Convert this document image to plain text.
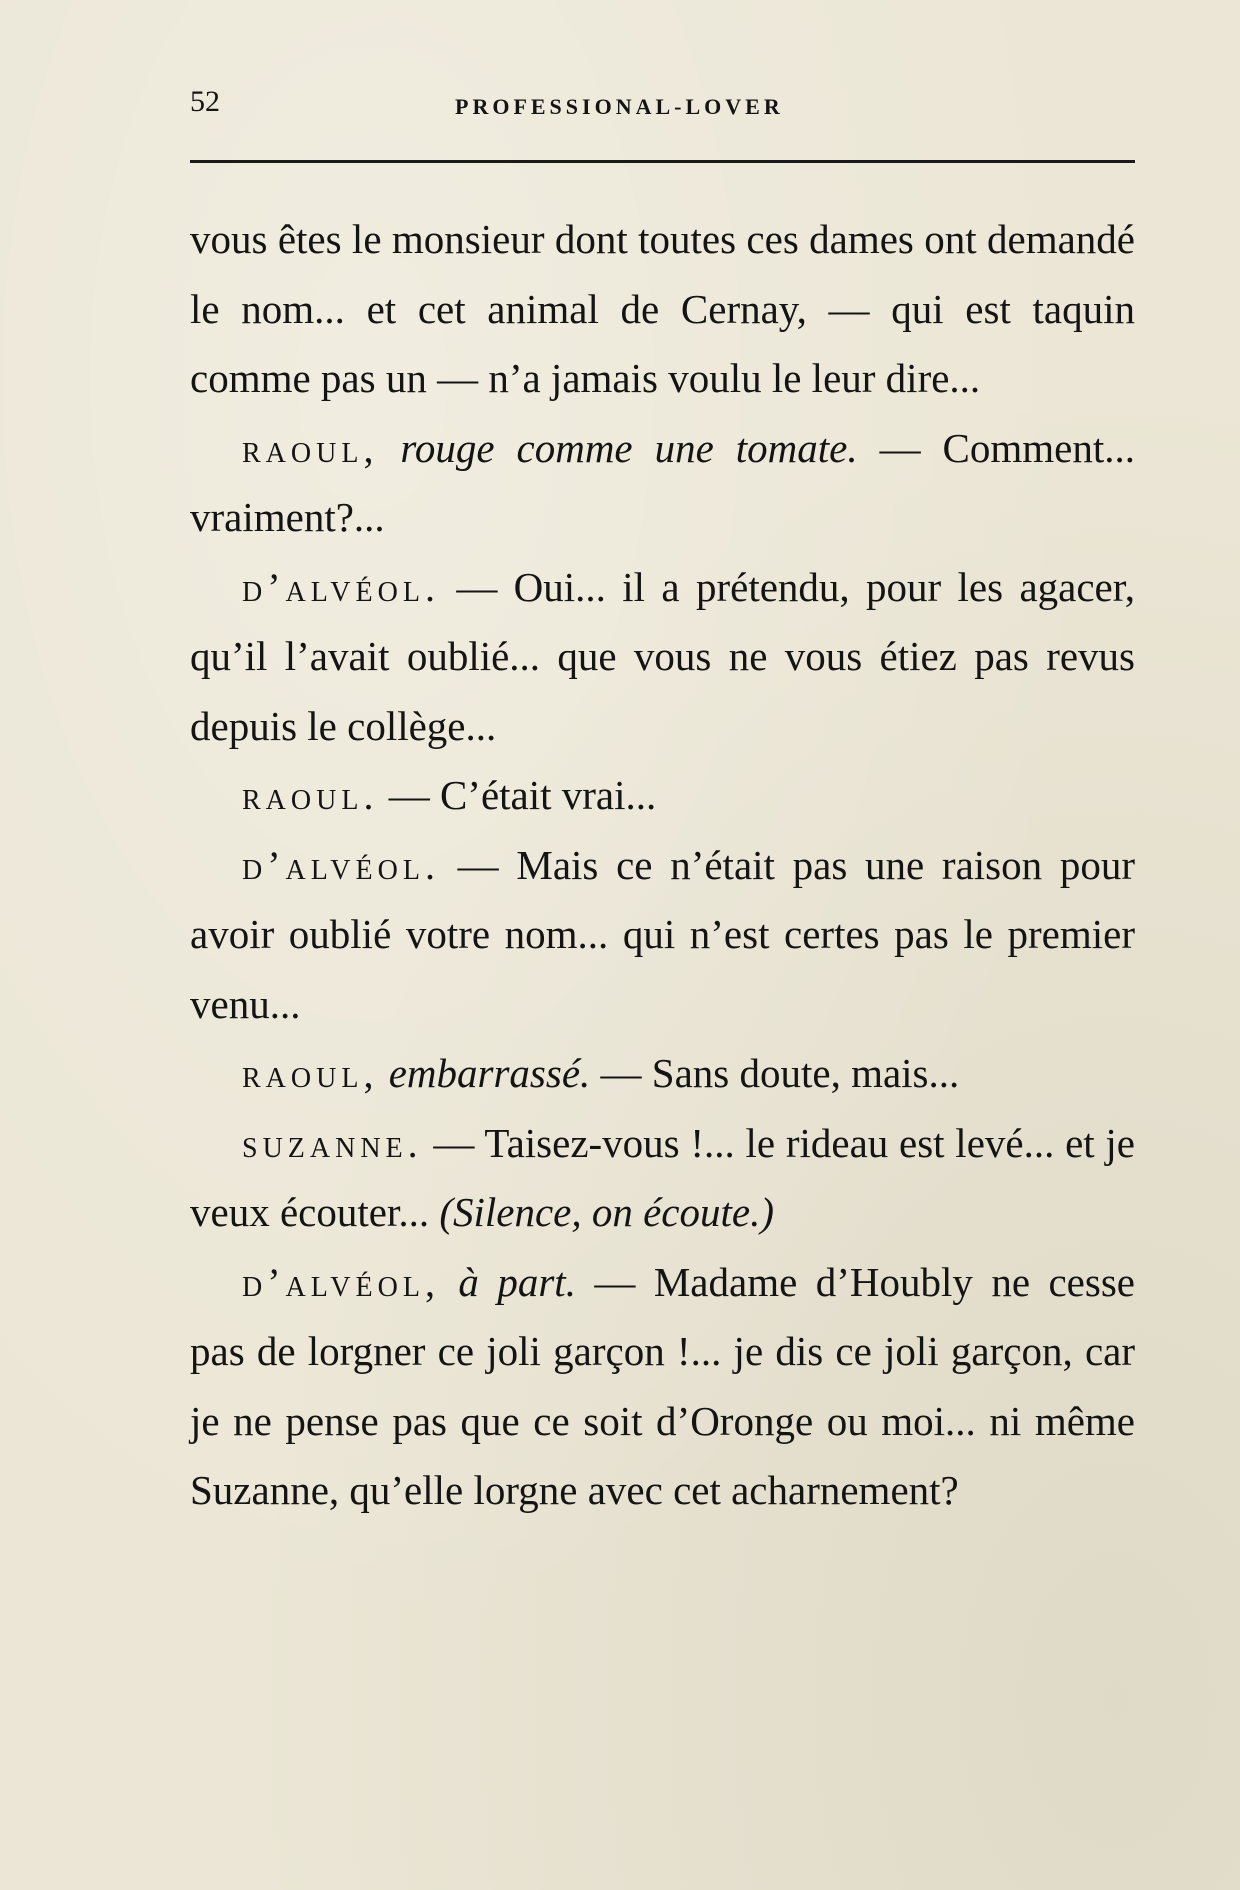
52	PROFESSIONAL-LOVER

vous êtes le monsieur dont toutes ces dames ont demandé le nom... et cet animal de Cernay, — qui est taquin comme pas un — n’a jamais voulu le leur dire...

raoul, rouge comme une tomate. — Comment... vraiment?...

d’alvéol. — Oui... il a prétendu, pour les agacer, qu’il l’avait oublié... que vous ne vous étiez pas revus depuis le collège...

raoul. — C’était vrai...

d’alvéol. — Mais ce n’était pas une raison pour avoir oublié votre nom... qui n’est certes pas le premier venu...

raoul, embarrassé. — Sans doute, mais...

suzanne. — Taisez-vous !... le rideau est levé... et je veux écouter... (Silence, on écoute.)

d’alvéol, à part. — Madame d’Houbly ne cesse pas de lorgner ce joli garçon !... je dis ce joli garçon, car je ne pense pas que ce soit d’Oronge ou moi... ni même Suzanne, qu’elle lorgne avec cet acharnement?
